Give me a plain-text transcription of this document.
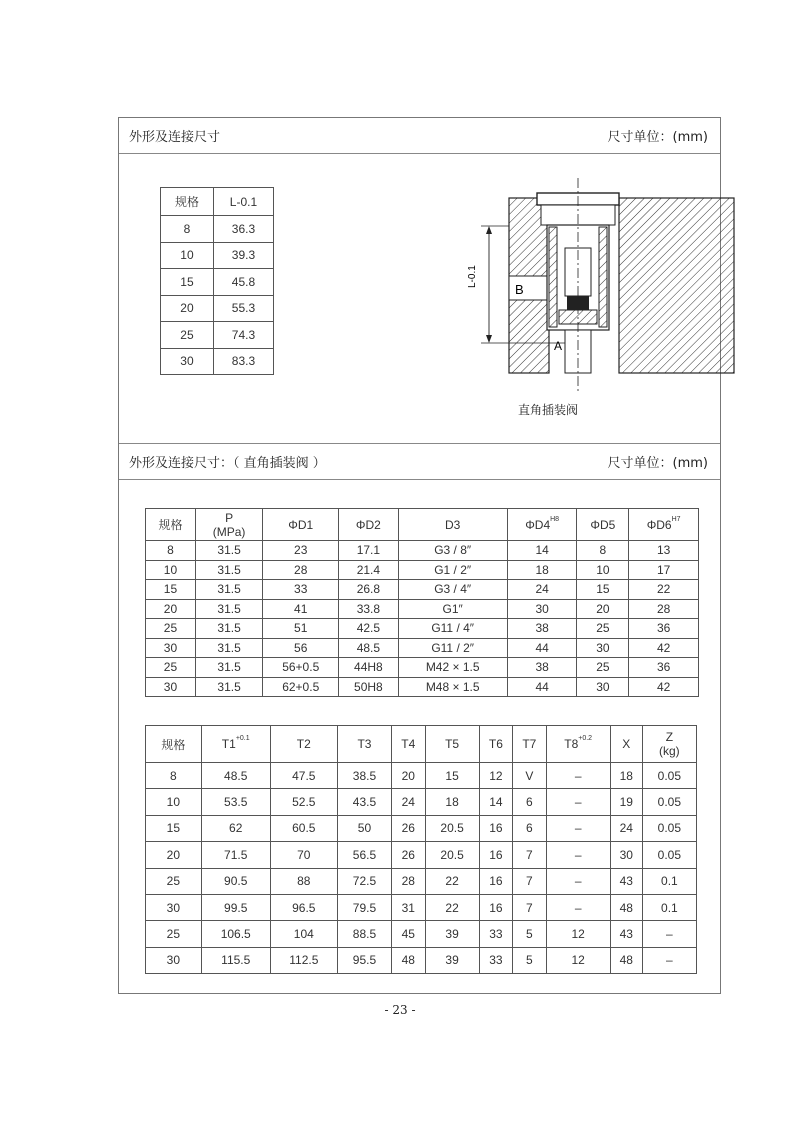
外形及连接尺寸	尺寸单位：(mm)
规格	L-0.1
8	36.3
10	39.3
15	45.8
20	55.3
25	74.3
30	83.3
L-0.1
B
A
直角插装阀
外形及连接尺寸：（ 直角插装阀 ）	尺寸单位：(mm)
规格	P
(MPa)	ΦD1	ΦD2	D3	$\Phi D4^{H8}$	ΦD5	$\Phi D6^{H7}$
8	31.5	23	17.1	G3 / 8″	14	8	13
10	31.5	28	21.4	G1 / 2″	18	10	17
15	31.5	33	26.8	G3 / 4″	24	15	22
20	31.5	41	33.8	G1″	30	20	28
25	31.5	51	42.5	G11 / 4″	38	25	36
30	31.5	56	48.5	G11 / 2″	44	30	42
25	31.5	56+0.5	44H8	M42 × 1.5	38	25	36
30	31.5	62+0.5	50H8	M48 × 1.5	44	30	42
规格	$T1^{+0.1}$	T2	T3	T4	T5	T6	T7	$T8^{+0.2}$	X	Z
(kg)
8	48.5	47.5	38.5	20	15	12	V	–	18	0.05
10	53.5	52.5	43.5	24	18	14	6	–	19	0.05
15	62	60.5	50	26	20.5	16	6	–	24	0.05
20	71.5	70	56.5	26	20.5	16	7	–	30	0.05
25	90.5	88	72.5	28	22	16	7	–	43	0.1
30	99.5	96.5	79.5	31	22	16	7	–	48	0.1
25	106.5	104	88.5	45	39	33	5	12	43	–
30	115.5	112.5	95.5	48	39	33	5	12	48	–
- 23 -
